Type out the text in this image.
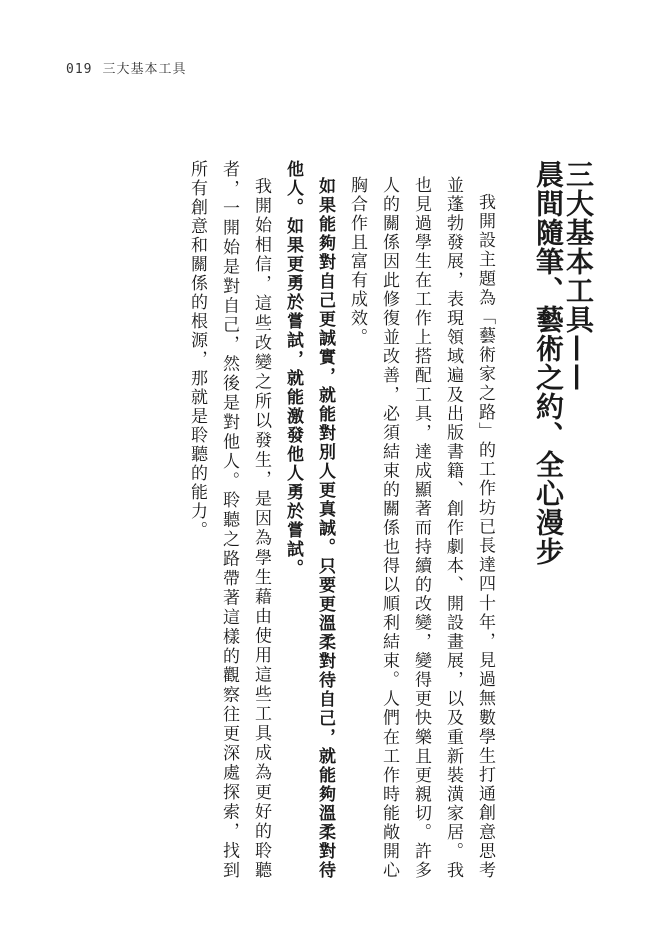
019 三大基本工具
三大基本工具——
晨間隨筆、藝術之約、全心漫步

我開設主題為「藝術家之路」的工作坊已長達四十年，見過無數學生打通創意思考並蓬勃發展，表現領域遍及出版書籍、創作劇本、開設畫展，以及重新裝潢家居。我也見過學生在工作上搭配工具，達成顯著而持續的改變，變得更快樂且更親切。許多人的關係因此修復並改善，必須結束的關係也得以順利結束。人們在工作時能敞開心胸合作且富有成效。

如果能夠對自己更誠實，就能對別人更真誠。只要更溫柔對待自己，就能夠溫柔對待他人。如果更勇於嘗試，就能激發他人勇於嘗試。

我開始相信，這些改變之所以發生，是因為學生藉由使用這些工具成為更好的聆聽者，一開始是對自己，然後是對他人。聆聽之路帶著這樣的觀察往更深處探索，找到所有創意和關係的根源，那就是聆聽的能力。
